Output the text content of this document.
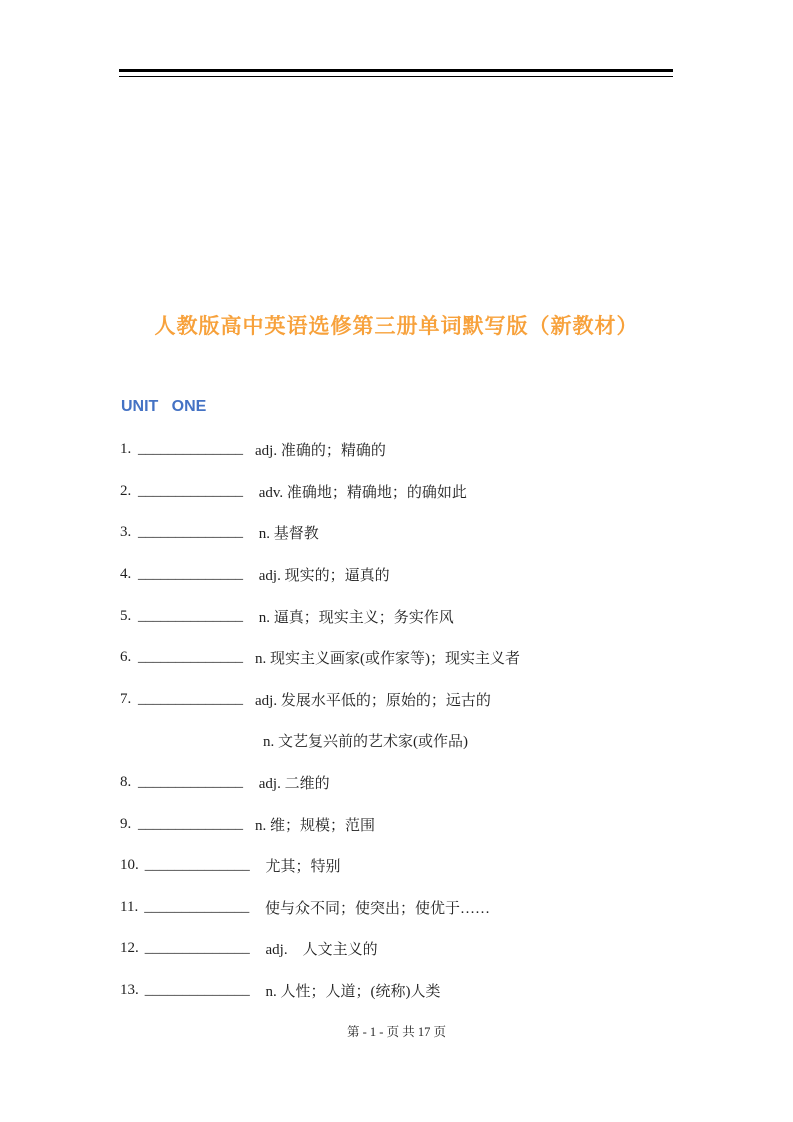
人教版高中英语选修第三册单词默写版（新教材）
UNIT   ONE
1. ______________ adj. 准确的；精确的
2. ______________ adv. 准确地；精确地；的确如此
3. ______________ n. 基督教
4. ______________ adj. 现实的；逼真的
5. ______________ n. 逼真；现实主义；务实作风
6. ______________ n. 现实主义画家(或作家等)；现实主义者
7. ______________ adj. 发展水平低的；原始的；远古的
n. 文艺复兴前的艺术家(或作品)
8. ______________ adj. 二维的
9. ______________ n. 维；规模；范围
10. ______________ 尤其；特别
11. ______________ 使与众不同；使突出；使优于……
12. ______________ adj.    人文主义的
13. ______________ n. 人性；人道；(统称)人类
第 - 1 - 页 共 17 页
